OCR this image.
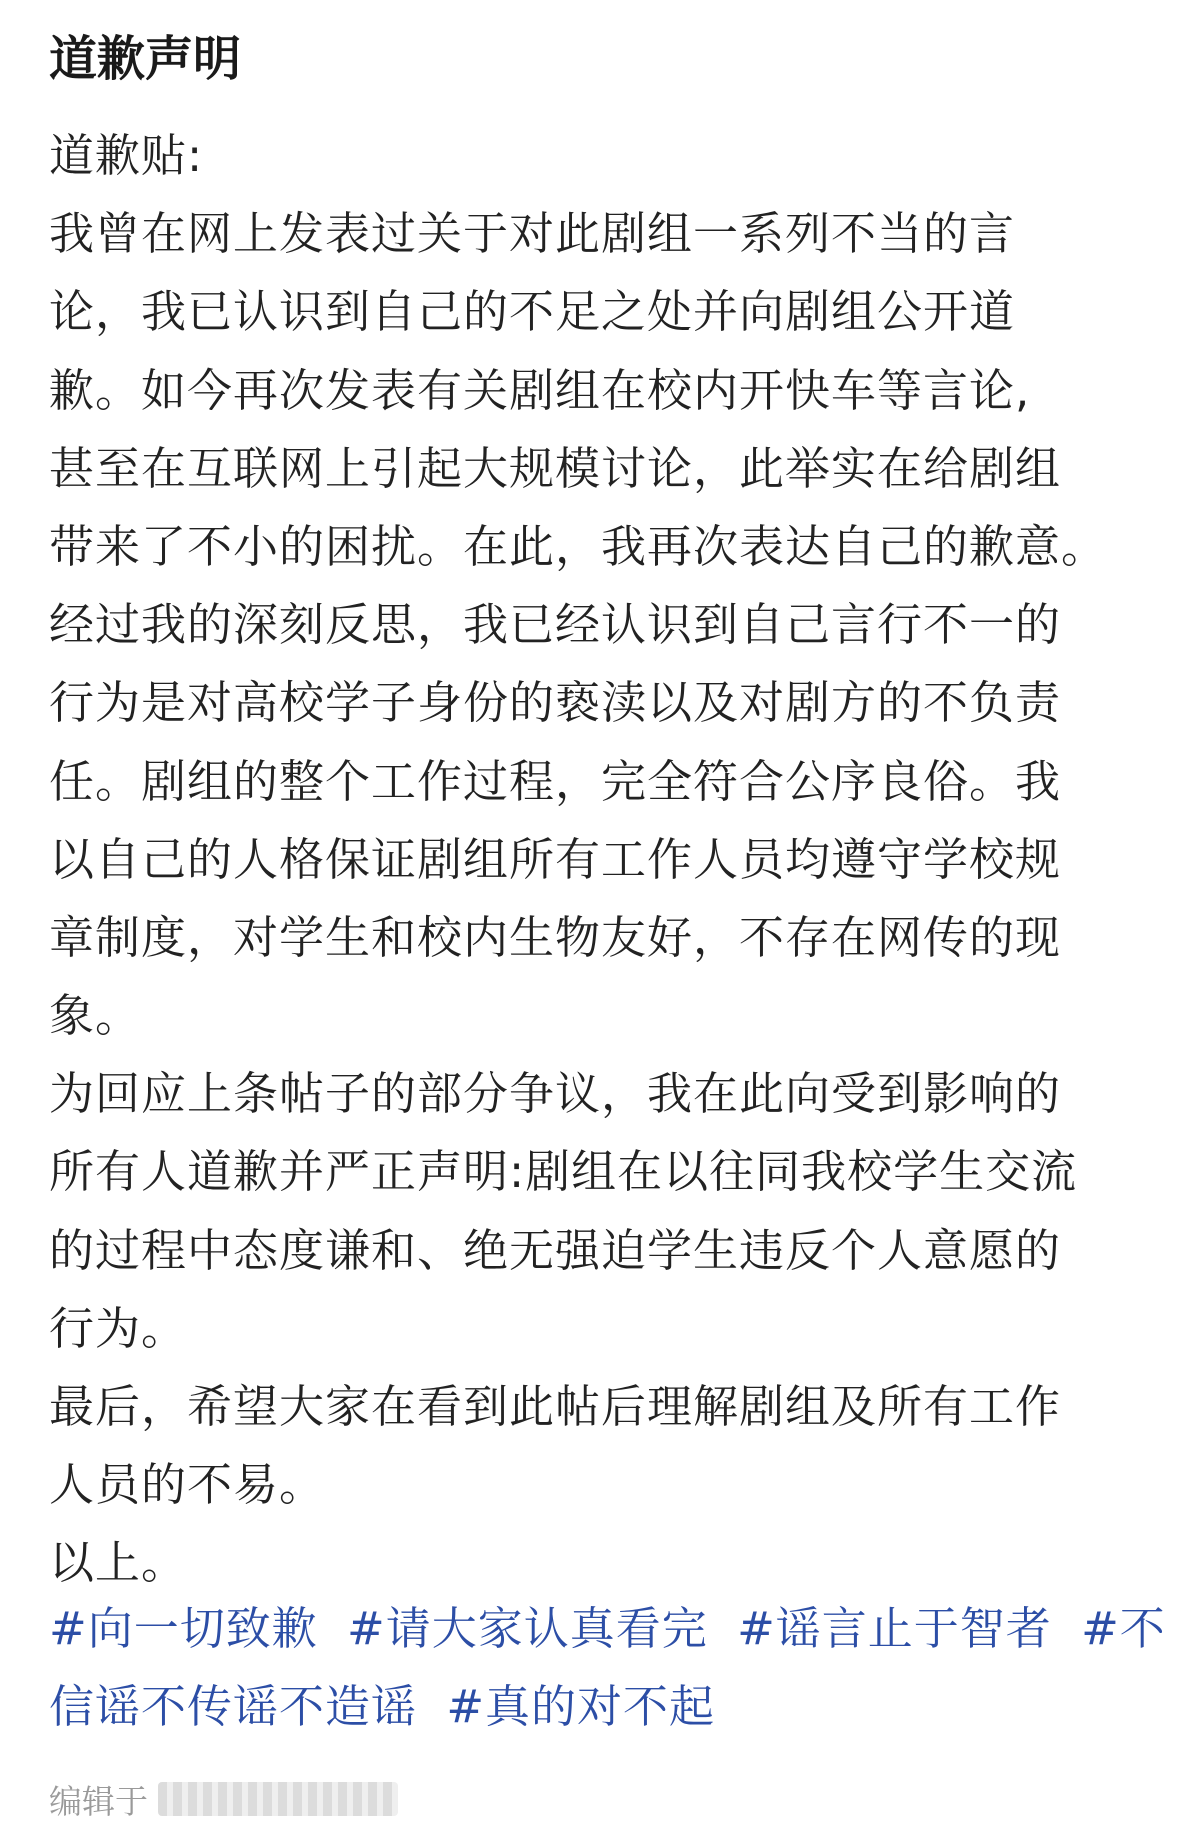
道歉声明
道歉贴:
我曾在网上发表过关于对此剧组一系列不当的言
论，我已认识到自己的不足之处并向剧组公开道
歉。如今再次发表有关剧组在校内开快车等言论,
甚至在互联网上引起大规模讨论，此举实在给剧组
带来了不小的困扰。在此，我再次表达自己的歉意。
经过我的深刻反思，我已经认识到自己言行不一的
行为是对高校学子身份的亵渎以及对剧方的不负责
任。剧组的整个工作过程，完全符合公序良俗。我
以自己的人格保证剧组所有工作人员均遵守学校规
章制度，对学生和校内生物友好，不存在网传的现
象。
为回应上条帖子的部分争议，我在此向受到影响的
所有人道歉并严正声明:剧组在以往同我校学生交流
的过程中态度谦和、绝无强迫学生违反个人意愿的
行为。
最后，希望大家在看到此帖后理解剧组及所有工作
人员的不易。
以上。
#向一切致歉 #请大家认真看完 #谣言止于智者 #不
信谣不传谣不造谣 #真的对不起
编辑于
